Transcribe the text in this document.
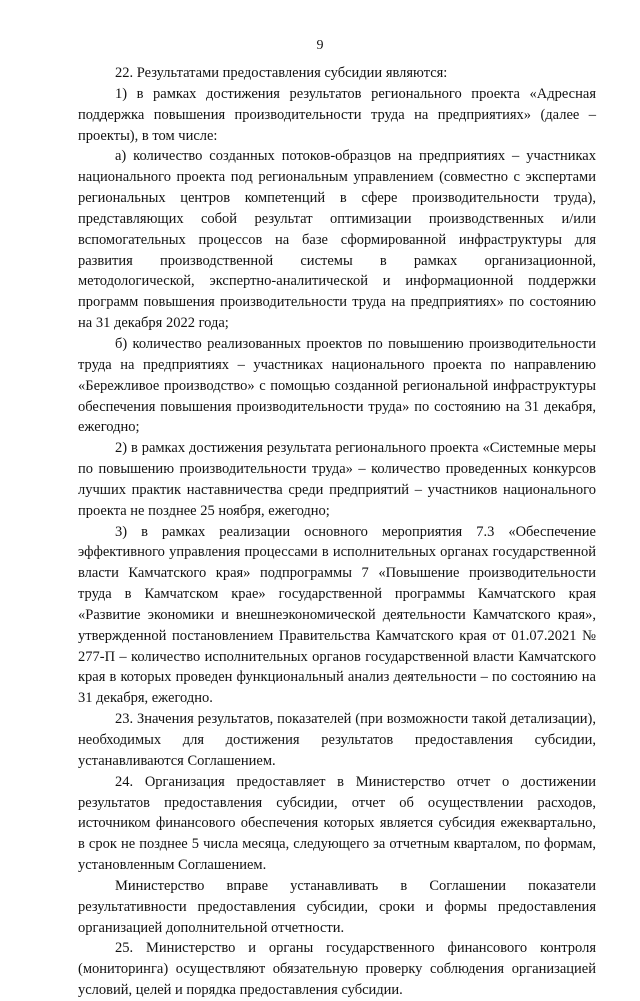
9

22. Результатами предоставления субсидии являются:

1) в рамках достижения результатов регионального проекта «Адресная поддержка повышения производительности труда на предприятиях» (далее – проекты), в том числе:

а) количество созданных потоков-образцов на предприятиях – участниках национального проекта под региональным управлением (совместно с экспертами региональных центров компетенций в сфере производительности труда), представляющих собой результат оптимизации производственных и/или вспомогательных процессов на базе сформированной инфраструктуры для развития производственной системы в рамках организационной, методологической, экспертно-аналитической и информационной поддержки программ повышения производительности труда на предприятиях» по состоянию на 31 декабря 2022 года;

б) количество реализованных проектов по повышению производительности труда на предприятиях – участниках национального проекта по направлению «Бережливое производство» с помощью созданной региональной инфраструктуры обеспечения повышения производительности труда» по состоянию на 31 декабря, ежегодно;

2) в рамках достижения результата регионального проекта «Системные меры по повышению производительности труда» – количество проведенных конкурсов лучших практик наставничества среди предприятий – участников национального проекта не позднее 25 ноября, ежегодно;

3) в рамках реализации основного мероприятия 7.3 «Обеспечение эффективного управления процессами в исполнительных органах государственной власти Камчатского края» подпрограммы 7 «Повышение производительности труда в Камчатском крае» государственной программы Камчатского края «Развитие экономики и внешнеэкономической деятельности Камчатского края», утвержденной постановлением Правительства Камчатского края от 01.07.2021 № 277-П – количество исполнительных органов государственной власти Камчатского края в которых проведен функциональный анализ деятельности – по состоянию на 31 декабря, ежегодно.

23. Значения результатов, показателей (при возможности такой детализации), необходимых для достижения результатов предоставления субсидии, устанавливаются Соглашением.

24. Организация предоставляет в Министерство отчет о достижении результатов предоставления субсидии, отчет об осуществлении расходов, источником финансового обеспечения которых является субсидия ежеквартально, в срок не позднее 5 числа месяца, следующего за отчетным кварталом, по формам, установленным Соглашением.

Министерство вправе устанавливать в Соглашении показатели результативности предоставления субсидии, сроки и формы предоставления организацией дополнительной отчетности.

25. Министерство и органы государственного финансового контроля (мониторинга) осуществляют обязательную проверку соблюдения организацией условий, целей и порядка предоставления субсидии.
